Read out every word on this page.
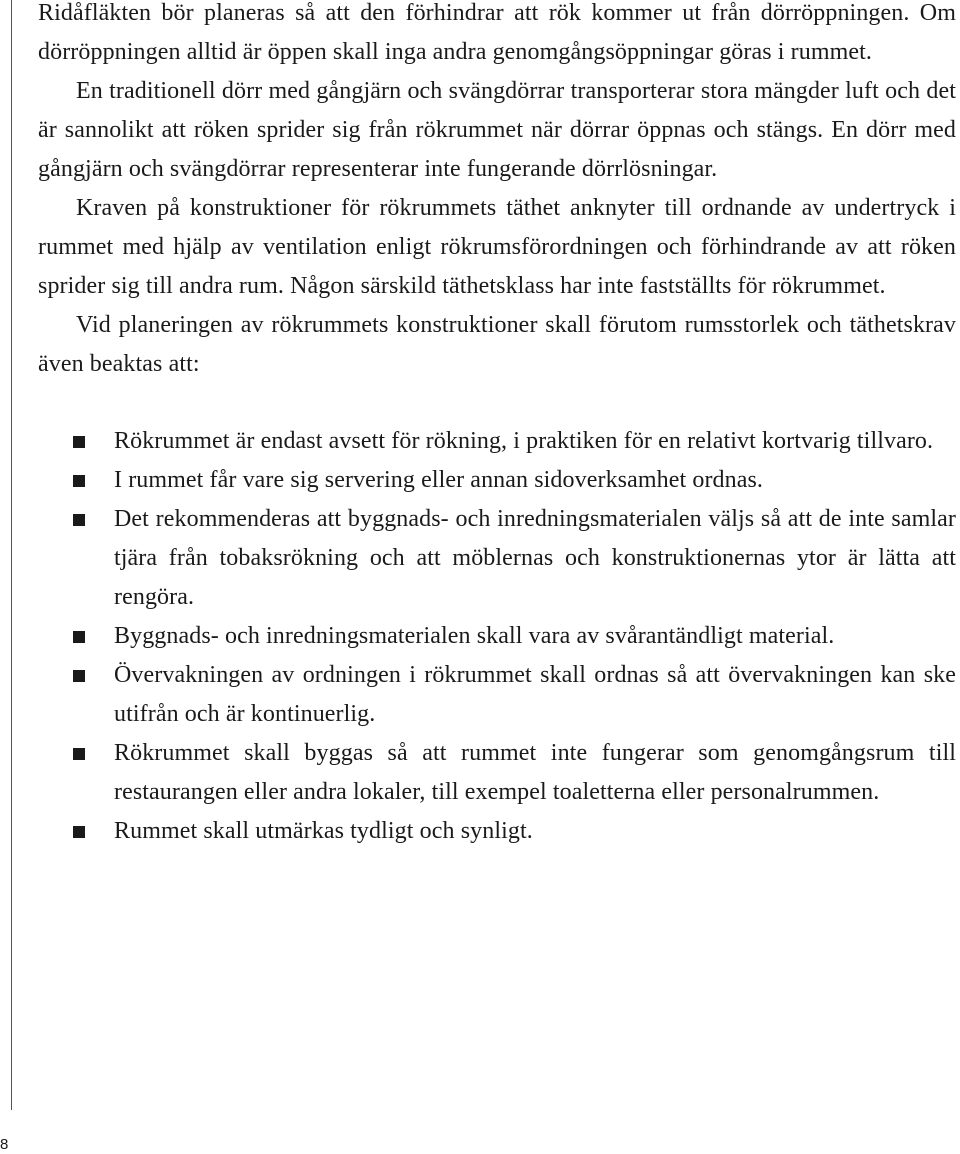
Ridåfläkten bör planeras så att den förhindrar att rök kommer ut från dörröppningen. Om dörröppningen alltid är öppen skall inga andra genomgångsöppningar göras i rummet.

En traditionell dörr med gångjärn och svängdörrar transporterar stora mängder luft och det är sannolikt att röken sprider sig från rökrummet när dörrar öppnas och stängs. En dörr med gångjärn och svängdörrar representerar inte fungerande dörrlösningar.

Kraven på konstruktioner för rökrummets täthet anknyter till ordnande av undertryck i rummet med hjälp av ventilation enligt rökrumsförordningen och förhindrande av att röken sprider sig till andra rum. Någon särskild täthetsklass har inte fastställts för rökrummet.

Vid planeringen av rökrummets konstruktioner skall förutom rumsstorlek och täthetskrav även beaktas att:

Rökrummet är endast avsett för rökning, i praktiken för en relativt kortvarig tillvaro.
I rummet får vare sig servering eller annan sidoverksamhet ordnas.
Det rekommenderas att byggnads- och inredningsmaterialen väljs så att de inte samlar tjära från tobaksrökning och att möblernas och konstruktionernas ytor är lätta att rengöra.
Byggnads- och inredningsmaterialen skall vara av svårantändligt material.
Övervakningen av ordningen i rökrummet skall ordnas så att övervakningen kan ske utifrån och är kontinuerlig.
Rökrummet skall byggas så att rummet inte fungerar som genomgångsrum till restaurangen eller andra lokaler, till exempel toaletterna eller personalrummen.
Rummet skall utmärkas tydligt och synligt.
8
